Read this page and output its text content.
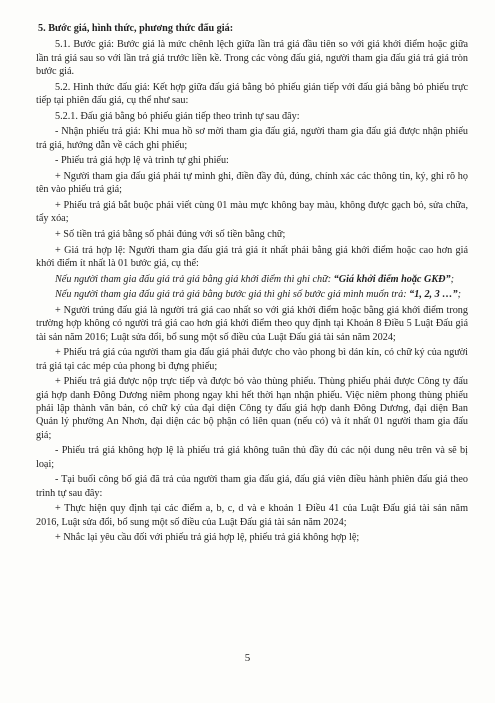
5. Bước giá, hình thức, phương thức đấu giá:

5.1. Bước giá: Bước giá là mức chênh lệch giữa lần trả giá đầu tiên so với giá khởi điểm hoặc giữa lần trả giá sau so với lần trả giá trước liền kề. Trong các vòng đấu giá, người tham gia đấu giá trả giá tròn bước giá.

5.2. Hình thức đấu giá: Kết hợp giữa đấu giá bằng bỏ phiếu gián tiếp với đấu giá bằng bỏ phiếu trực tiếp tại phiên đấu giá, cụ thể như sau:

5.2.1. Đấu giá bằng bỏ phiếu gián tiếp theo trình tự sau đây:

- Nhận phiếu trả giá: Khi mua hồ sơ mời tham gia đấu giá, người tham gia đấu giá được nhận phiếu trả giá, hướng dẫn về cách ghi phiếu;

- Phiếu trả giá hợp lệ và trình tự ghi phiếu:

+ Người tham gia đấu giá phải tự mình ghi, điền đầy đủ, đúng, chính xác các thông tin, ký, ghi rõ họ tên vào phiếu trả giá;

+ Phiếu trả giá bắt buộc phải viết cùng 01 màu mực không bay màu, không được gạch bỏ, sửa chữa, tẩy xóa;

+ Số tiền trả giá bằng số phải đúng với số tiền bằng chữ;

+ Giá trả hợp lệ: Người tham gia đấu giá trả giá ít nhất phải bằng giá khởi điểm hoặc cao hơn giá khởi điểm ít nhất là 01 bước giá, cụ thể:

Nếu người tham gia đấu giá trả giá bằng giá khởi điểm thì ghi chữ: “Giá khởi điểm hoặc GKĐ”;

Nếu người tham gia đấu giá trả giá bằng bước giá thì ghi số bước giá mình muốn trả: “1, 2, 3 …”;

+ Người trúng đấu giá là người trả giá cao nhất so với giá khởi điểm hoặc bằng giá khởi điểm trong trường hợp không có người trả giá cao hơn giá khởi điểm theo quy định tại Khoản 8 Điều 5 Luật Đấu giá tài sản năm 2016; Luật sửa đổi, bổ sung một số điều của Luật Đấu giá tài sản năm 2024;

+ Phiếu trả giá của người tham gia đấu giá phải được cho vào phong bì dán kín, có chữ ký của người trả giá tại các mép của phong bì đựng phiếu;

+ Phiếu trả giá được nộp trực tiếp và được bỏ vào thùng phiếu. Thùng phiếu phải được Công ty đấu giá hợp danh Đông Dương niêm phong ngay khi hết thời hạn nhận phiếu. Việc niêm phong thùng phiếu phải lập thành văn bản, có chữ ký của đại diện Công ty đấu giá hợp danh Đông Dương, đại diện Ban Quản lý phường An Nhơn, đại diện các bộ phận có liên quan (nếu có) và ít nhất 01 người tham gia đấu giá;

- Phiếu trả giá không hợp lệ là phiếu trả giá không tuân thủ đầy đủ các nội dung nêu trên và sẽ bị loại;

- Tại buổi công bố giá đã trả của người tham gia đấu giá, đấu giá viên điều hành phiên đấu giá theo trình tự sau đây:

+ Thực hiện quy định tại các điểm a, b, c, d và e khoản 1 Điều 41 của Luật Đấu giá tài sản năm 2016, Luật sửa đổi, bổ sung một số điều của Luật Đấu giá tài sản năm 2024;

+ Nhắc lại yêu cầu đối với phiếu trả giá hợp lệ, phiếu trả giá không hợp lệ;

5
